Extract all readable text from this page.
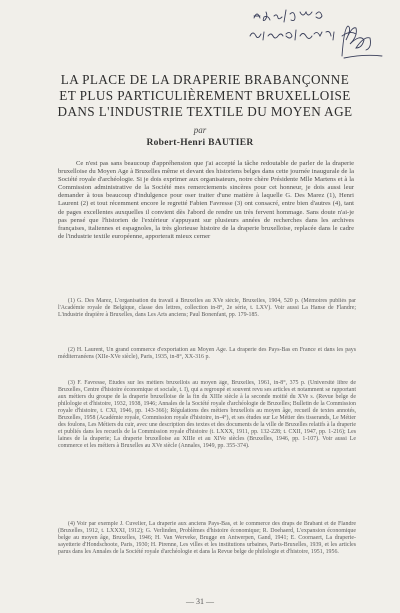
LA PLACE DE LA DRAPERIE BRABANÇONNE
ET PLUS PARTICULIÈREMENT BRUXELLOISE
DANS L'INDUSTRIE TEXTILE DU MOYEN AGE
par
Robert-Henri BAUTIER
Ce n'est pas sans beaucoup d'appréhension que j'ai accepté la tâche redoutable de parler de la draperie bruxelloise du Moyen Age à Bruxelles même et devant des historiens belges dans cette journée inaugurale de la Société royale d'archéologie. Si je dois exprimer aux organisateurs, notre chère Présidente Mlle Martens et à la Commission administrative de la Société mes remerciements sincères pour cet honneur, je dois aussi leur demander à tous beaucoup d'indulgence pour oser traiter d'une matière à laquelle G. Des Marez (1), Henri Laurent (2) et tout récemment encore le regretté Fabien Favresse (3) ont consacré, entre bien d'autres (4), tant de pages excellentes auxquelles il convient dès l'abord de rendre un très fervent hommage. Sans doute n'ai-je pas pensé que l'historien de l'extérieur s'appuyant sur plusieurs années de recherches dans les archives françaises, italiennes et espagnoles, la très glorieuse histoire de la draperie bruxelloise, replacée dans le cadre de l'industrie textile européenne, apporterait mieux cerner
(1) G. Des Marez, L'organisation du travail à Bruxelles au XVe siècle, Bruxelles, 1904, 520 p. (Mémoires publiés par l'Académie royale de Belgique, classe des lettres, collection in-8°, 2e série, t. LXV). Voir aussi La Hanse de Flandre; L'industrie drapière à Bruxelles, dans Les Arts anciens; Paul Bonenfant, pp. 179-185.
(2) H. Laurent, Un grand commerce d'exportation au Moyen Age. La draperie des Pays-Bas en France et dans les pays méditerranéens (XIIe-XVe siècle), Paris, 1935, in-8°, XX-316 p.
(3) F. Favresse, Études sur les métiers bruxellois au moyen âge, Bruxelles, 1961, in-8°, 375 p. (Université libre de Bruxelles, Centre d'histoire économique et sociale, t. I), qui a regroupé et souvent revu ses articles et notamment se rapportant aux métiers du groupe de la draperie bruxelloise de la fin du XIIIe siècle à la seconde moitié du XVe s. (Revue belge de philologie et d'histoire, 1932, 1938, 1946; Annales de la Société royale d'archéologie de Bruxelles; Bulletin de la Commission royale d'histoire, t. CXI, 1946, pp. 143-366); Régulations des métiers bruxellois au moyen âge, recueil de textes annotés, Bruxelles, 1958 (Académie royale, Commission royale d'histoire, in-4°), et ses études sur Le Métier des tisserands, Le Métier des foulons, Les Métiers du cuir, avec une description des textes et des documents de la ville de Bruxelles relatifs à la draperie et publiés dans les recueils de la Commission royale d'histoire (t. LXXX, 1911, pp. 132-228; t. CXII, 1947, pp. 1-216); Les laines de la draperie; La draperie bruxelloise au XIIIe et au XIVe siècles (Bruxelles, 1946, pp. 1-107). Voir aussi Le commerce et les métiers à Bruxelles au XVe siècle (Annales, 1949, pp. 355-374).
(4) Voir par exemple J. Cuvelier, La draperie aux anciens Pays-Bas, et le commerce des draps de Brabant et de Flandre (Bruxelles, 1912, t. LXXXI, 1912); G. Verlinden, Problèmes d'histoire économique; R. Doehaerd, L'expansion économique belge au moyen âge, Bruxelles, 1946; H. Van Werveke, Brugge en Antwerpen, Gand, 1941; E. Coornaert, La draperie-sayetterie d'Hondschoote, Paris, 1930; H. Pirenne, Les villes et les institutions urbaines, Paris-Bruxelles, 1939, et les articles parus dans les Annales de la Société royale d'archéologie et dans la Revue belge de philologie et d'histoire, 1951, 1956.
— 31 —
